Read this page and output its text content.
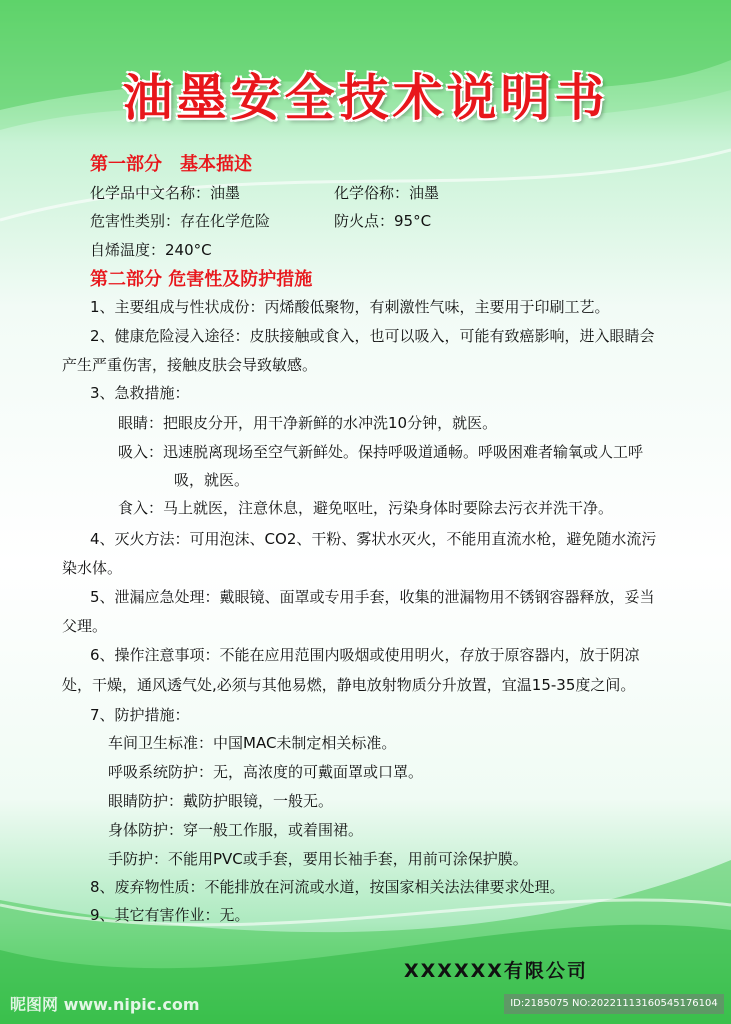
油墨安全技术说明书
第一部分　基本描述
化学品中文名称：油墨	化学俗称：油墨
危害性类别：存在化学危险	防火点：95°C
自烯温度：240°C
第二部分 危害性及防护措施
1、主要组成与性状成份：丙烯酸低聚物，有刺激性气味，主要用于印刷工艺。
2、健康危险浸入途径：皮肤接触或食入，也可以吸入，可能有致癌影响，进入眼睛会
产生严重伤害，接触皮肤会导致敏感。
3、急救措施：
眼睛：把眼皮分开，用干净新鲜的水冲洗10分钟，就医。
吸入：迅速脱离现场至空气新鲜处。保持呼吸道通畅。呼吸困难者输氧或人工呼
吸，就医。
食入：马上就医，注意休息，避免呕吐，污染身体时要除去污衣并洗干净。
4、灭火方法：可用泡沫、CO2、干粉、雾状水灭火，不能用直流水枪，避免随水流污
染水体。
5、泄漏应急处理：戴眼镜、面罩或专用手套，收集的泄漏物用不锈钢容器释放，妥当
父理。
6、操作注意事项：不能在应用范围内吸烟或使用明火，存放于原容器内，放于阴凉
处，干燥，通风透气处,必须与其他易燃，静电放射物质分升放置，宜温15-35度之间。
7、防护措施：
车间卫生标准：中国MAC未制定相关标准。
呼吸系统防护：无，高浓度的可戴面罩或口罩。
眼睛防护：戴防护眼镜，一般无。
身体防护：穿一般工作服，或着围裙。
手防护：不能用PVC或手套，要用长袖手套，用前可涂保护膜。
8、废弃物性质：不能排放在河流或水道，按国家相关法法律要求处理。
9、其它有害作业：无。
XXXXXX有限公司
昵图网 www.nipic.com	ID:2185075 NO:20221113160545176104
